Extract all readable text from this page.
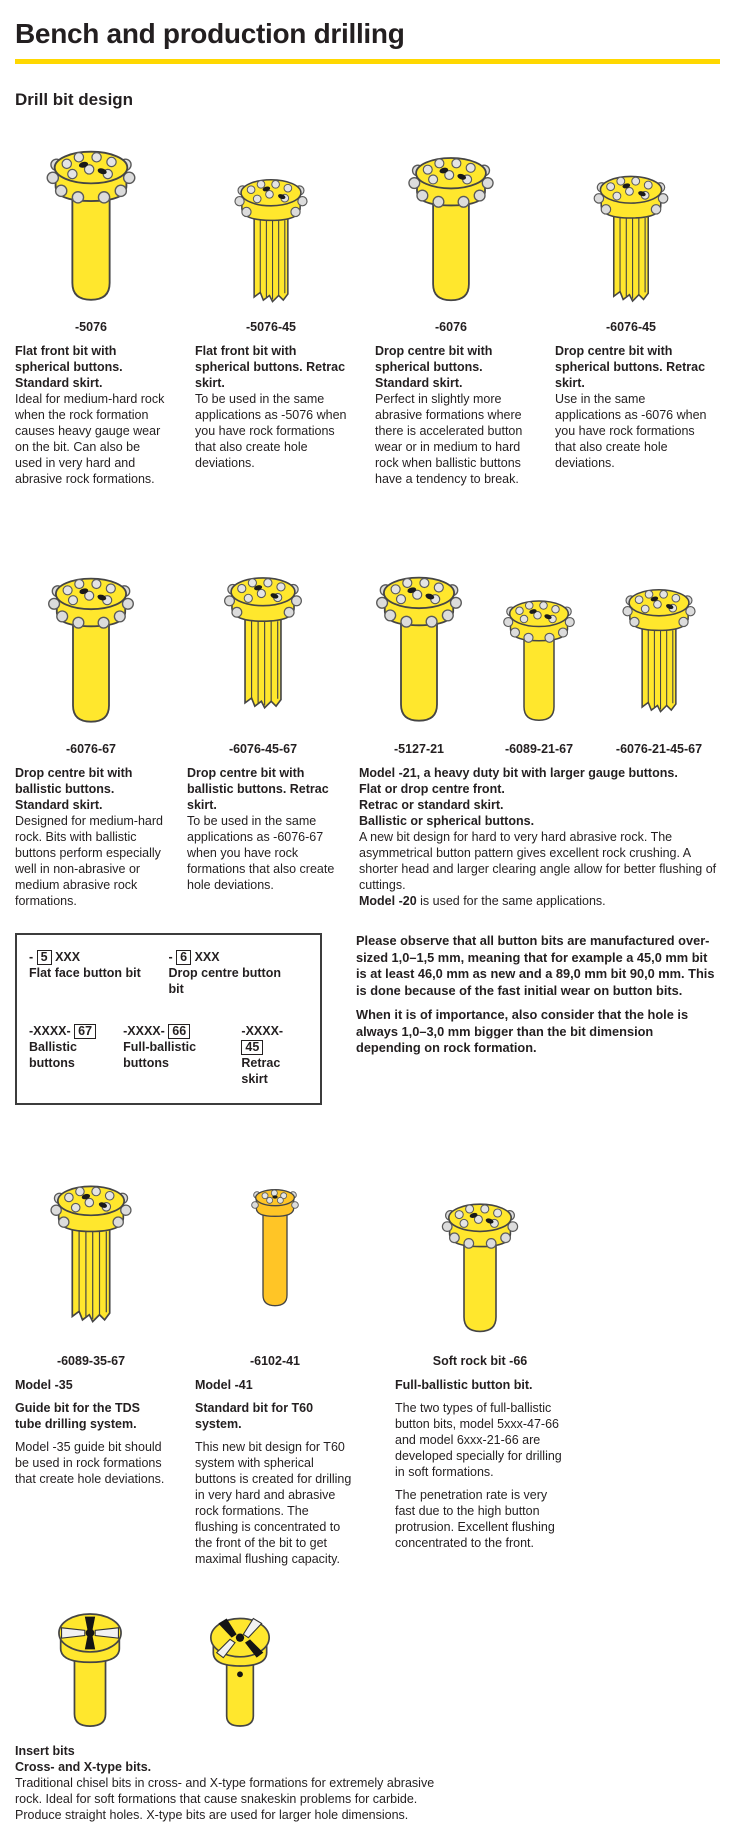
Bench and production drilling
Drill bit design
-5076

Flat front bit with spherical buttons. Standard skirt.

Ideal for medium-hard rock when the rock formation causes heavy gauge wear on the bit. Can also be used in very hard and abrasive rock formations.

-5076-45

Flat front bit with spherical buttons. Retrac skirt.

To be used in the same applications as -5076 when you have rock formations that also create hole deviations.

-6076

Drop centre bit with spherical buttons. Standard skirt.

Perfect in slightly more abrasive formations where there is accelerated button wear or in medium to hard rock when ballistic buttons have a tendency to break.

-6076-45

Drop centre bit with spherical buttons. Retrac skirt.

Use in the same applications as -6076 when you have rock formations that also create hole deviations.

-6076-67

Drop centre bit with ballistic buttons. Standard skirt.

Designed for medium-hard rock. Bits with ballistic buttons perform especially well in non-abrasive or medium abrasive rock formations.

-6076-45-67

Drop centre bit with ballistic buttons. Retrac skirt.

To be used in the same applications as -6076-67 when you have rock formations that also create hole deviations.

-5127-21	-6089-21-67	-6076-21-45-67

Model -21, a heavy duty bit with larger gauge buttons.

Flat or drop centre front.

Retrac or standard skirt.

Ballistic or spherical buttons.

A new bit design for hard to very hard abrasive rock. The asymmetrical button pattern gives excellent rock crushing. A shorter head and larger clearing angle allow for better flushing of cuttings.

Model -20 is used for the same applications.

- 5 XXX
Flat face button bit
- 6 XXX
Drop centre button bit
-XXXX- 67
Ballistic buttons
-XXXX- 66
Full-ballistic buttons
-XXXX- 45
Retrac skirt

Please observe that all button bits are manufactured over-sized 1,0–1,5 mm, meaning that for example a 45,0 mm bit is at least 46,0 mm as new and a 89,0 mm bit 90,0 mm. This is done because of the fast initial wear on button bits.

When it is of importance, also consider that the hole is always 1,0–3,0 mm bigger than the bit dimension depending on rock formation.

-6089-35-67

Model -35

Guide bit for the TDS tube drilling system.

Model -35 guide bit should be used in rock formations that create hole deviations.

-6102-41

Model -41

Standard bit for T60 system.

This new bit design for T60 system with spherical buttons is created for drilling in very hard and abrasive rock formations. The flushing is concentrated to the front of the bit to get maximal flushing capacity.

Soft rock bit -66

Full-ballistic button bit.

The two types of full-ballistic button bits, model 5xxx-47-66 and model 6xxx-21-66 are developed specially for drilling in soft formations.

The penetration rate is very fast due to the high button protrusion. Excellent flushing concentrated to the front.

Insert bits

Cross- and X-type bits.

Traditional chisel bits in cross- and X-type formations for extremely abrasive rock. Ideal for soft formations that cause snakeskin problems for carbide. Produce straight holes. X-type bits are used for larger hole dimensions.
